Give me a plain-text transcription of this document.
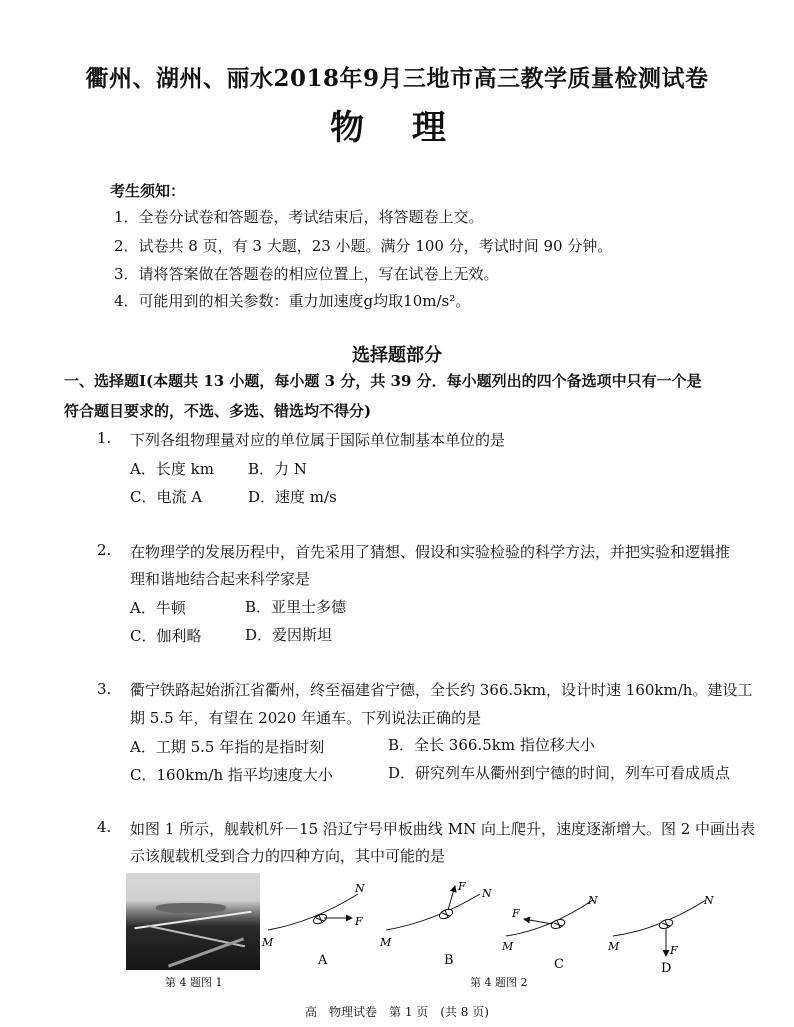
衢州、湖州、丽水2018年9月三地市高三教学质量检测试卷
物 理
考生须知：
1．全卷分试卷和答题卷，考试结束后，将答题卷上交。
2．试卷共 8 页，有 3 大题，23 小题。满分 100 分，考试时间 90 分钟。
3．请将答案做在答题卷的相应位置上，写在试卷上无效。
4．可能用到的相关参数：重力加速度g均取10m/s²。
选择题部分
一、选择题Ⅰ(本题共 13 小题，每小题 3 分，共 39 分．每小题列出的四个备选项中只有一个是
符合题目要求的，不选、多选、错选均不得分)
1. 下列各组物理量对应的单位属于国际单位制基本单位的是
A．长度 km B．力 N
C．电流 A	D．速度 m/s
2. 在物理学的发展历程中，首先采用了猜想、假设和实验检验的科学方法，并把实验和逻辑推
理和谐地结合起来科学家是
A．牛顿	B．亚里士多德
C．伽利略	D．爱因斯坦
3. 衢宁铁路起始浙江省衢州，终至福建省宁德，全长约 366.5km，设计时速 160km/h。建设工
期 5.5 年，有望在 2020 年通车。下列说法正确的是
A．工期 5.5 年指的是指时刻	B．全长 366.5km 指位移大小
C．160km/h 指平均速度大小	D．研究列车从衢州到宁德的时间，列车可看成质点
4. 如图 1 所示，舰载机歼－15 沿辽宁号甲板曲线 MN 向上爬升，速度逐渐增大。图 2 中画出表
示该舰载机受到合力的四种方向，其中可能的是
第 4 题图 1
M
N
F
A
M
N
F
B
M
N
F
C
M
N
F
D
第 4 题图 2
高　物理试卷　第 1 页　(共 8 页)
